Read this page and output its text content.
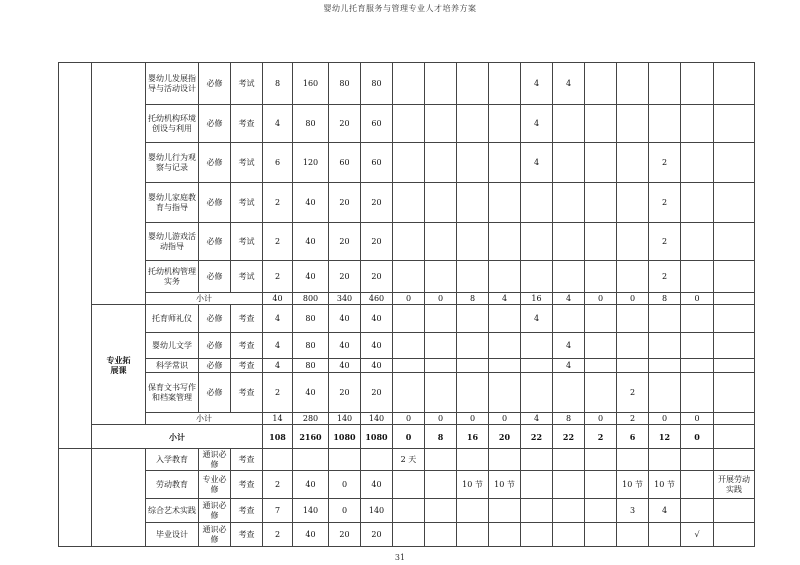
婴幼儿托育服务与管理专业人才培养方案
		婴幼儿发展指导与活动设计	必修	考试	8	160	80	80					4	4					
		托幼机构环境创设与利用	必修	考查	4	80	20	60					4						
		婴幼儿行为观察与记录	必修	考试	6	120	60	60					4				2		
		婴幼儿家庭教育与指导	必修	考试	2	40	20	20									2		
		婴幼儿游戏活动指导	必修	考试	2	40	20	20									2		
		托幼机构管理实务	必修	考试	2	40	20	20									2		
		小计			40	800	340	460	0	0	8	4	16	4	0	0	8	0	
	专业拓展课	托育师礼仪	必修	考查	4	80	40	40					4						
		婴幼儿文学	必修	考查	4	80	40	40						4					
		科学常识	必修	考查	4	80	40	40						4					
		保育文书写作和档案管理	必修	考查	2	40	20	20								2			
		小计			14	280	140	140	0	0	0	0	4	8	0	2	0	0	
	小计				108	2160	1080	1080	0	8	16	20	22	22	2	6	12	0	
		入学教育	通识必修	考查					2 天										
		劳动教育	专业必修	考查	2	40	0	40			10 节	10 节				10 节	10 节		开展劳动实践
		综合艺术实践	通识必修	考查	7	140	0	140								3	4		
		毕业设计	通识必修	考查	2	40	20	20										√	
31
